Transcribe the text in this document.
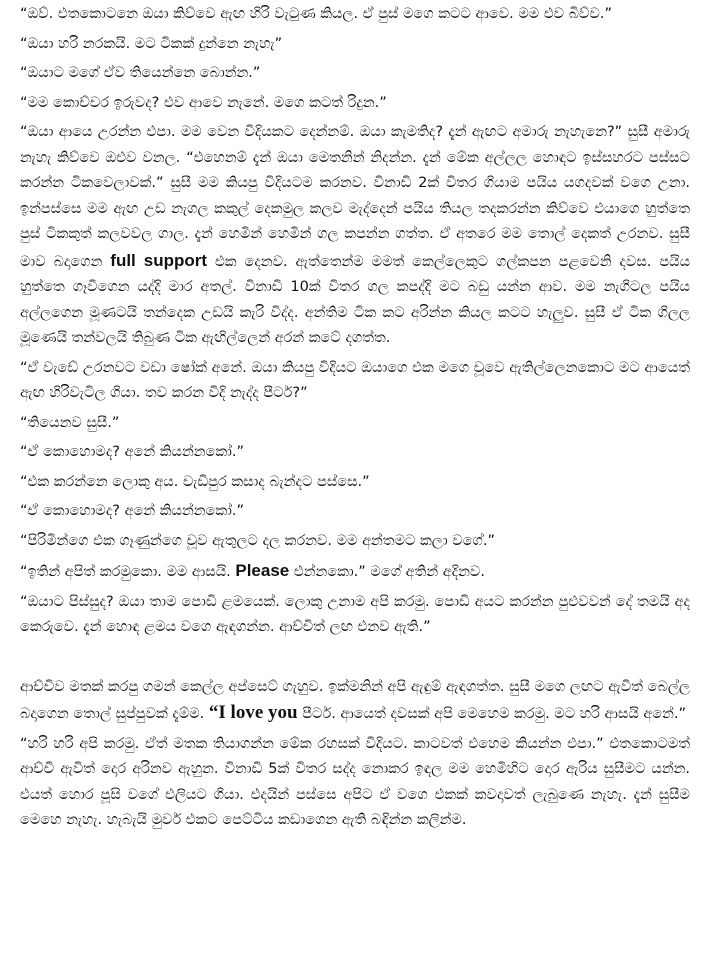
“ඔව්. එතකොටනෙ ඔයා කිව්වෙ ඇඟ හිරි වැටුණ කියල. ඒ පුස් මගෙ කටට ආවෙ. මම එව බිව්ව.”

“ඔයා හරි නරකයි. මට ටිකක් දුන්නෙ නැහැ”

“ඔයාට මගේ ඒව තියෙන්නෙ බොන්න.”

“මම කොච්චර ඉරුවද? එව ආවෙ නැනේ. මගෙ කටත් රිදුන.”

“ඔයා ආයෙ උරන්න එපා. මම වෙන විදියකට දෙන්නම්. ඔයා කැමතිද? දැන් ඇඟට අමාරු නැහැනෙ?” සුසී අමාරු නැහැ කිව්වෙ ඔළුව වනල. “එහෙනම් දැන් ඔයා මෙතනින් නිදන්න. දැන් මේක අල්ලල හොඳට ඉස්සහරට පස්සට කරන්න ටිකවෙලාවක්.” සුසී මම කියපු විදියටම කරනව. විනාඩි 2ක් විතර ගියාම පයිය යගදවක් වගෙ උනා. ඉන්පස්සෙ මම ඇඟ උඩ නැගල කකුල් දෙකමුල කලව මැද්දෙන් පයිය තියල තදකරන්න කිව්වෙ එයාගෙ හුත්තෙ පුස් ටිකකුත් කලවවල ගාල. දැන් හෙමින් හෙමින් ගල කපන්න ගත්ත. ඒ අතරෙ මම තොල් දෙකත් උරනව. සුසී මාව බදාගෙන full support එක දෙනව. ඇත්තෙන්ම මමත් කෙල්ලෙකුට ගල්කපන පළවෙනි දවස. පයිය හුත්තෙ ගෑවීගෙන යද්දි මාර අතල්. විනාඩි 10ක් විතර ගල කපද්දි මට බඩු යන්න ආව. මම නැගිටල පයිය අල්ලගෙන මූණටයි තන්දෙක උඩයි කැරි විද්ද. අන්තිම ටික කට අරින්න කියල කටට හැලුව. සුසී ඒ ටික ගිලල මූණෙයි තන්වලයි තිබුණ ටික ඇඟිල්ලෙන් අරන් කටේ දගත්ත.

“ඒ වැඩේ උරනවට වඩා ෂෝක් අනේ. ඔයා කියපු විදියට ඔයාගෙ එක මගෙ චූවෙ ඇතිල්ලෙනකොට මට ආයෙත් ඇඟ හිරිවැටිල ගියා. තව කරන විදි නැද්ද පීටර්?”

“තියෙනව සුසී.”

“ඒ කොහොමද? අනේ කියන්නකෝ.”

“එක කරන්නෙ ලොකු අය. චැඩිපුර කසාද බැන්දට පස්සෙ.”

“ඒ කොහොමද? අනේ කියන්නකෝ.”

“පිරිමින්ගෙ එක ගෑණුන්ගෙ චූව ඇතුලට දල කරනව. මම අන්තමට කලා වගේ.”

“ඉතින් අපිත් කරමුකො. මම ආසයි. Please එන්නකො.” මගේ අතින් අදිනව.

“ඔයාට පිස්සුද? ඔයා තාම පොඩි ළමයෙක්. ලොකු උනාම අපි කරමු. පොඩි අයට කරන්න පුළුවවන් දේ තමයි අද කෙරුවෙ. දැන් හොඳ ළමය වගෙ ඇඳගන්න. ආච්චිත් ලඟ එනව ඇති.”

ආච්චිව මතක් කරපු ගමන් කෙල්ල අප්සෙට් ගැහුව. ඉක්මනින් අපි ඇඳුම් ඇඳගත්ත. සුසී මගෙ ලඟට ඇවිත් බෙල්ල බදාගෙන තොල් සුප්පුවක් දැම්ම. “I love you පීටර්. ආයෙත් දවසක් අපි මෙහෙම කරමු. මට හරි ආසයි අනේ.”

“හරි හරි අපි කරමු. ඒත් මතක තියාගන්න මේක රහසක් විදියට. කාටවත් එහෙම කියන්න එපා.” එතකොටමත් ආච්චි ඇවිත් දොර අරිනව ඇහුන. විනාඩි 5ක් විතර සද්ද නොකර ඉඳල මම හෙමිහිට දොර ඇරිය සුසීමට යන්න. එයත් හොර පූසි වගේ එලියට ගියා. එදයින් පස්සෙ අපිට ඒ වගෙ එකක් කවදාවත් ලැබුණෙ නැහැ. දැන් සුසීම මෙහෙ නැහැ. හැබැයි මුවර් එකට පෙට්ටිය කඩාගෙන ඇති බඳින්න කලින්ම.
